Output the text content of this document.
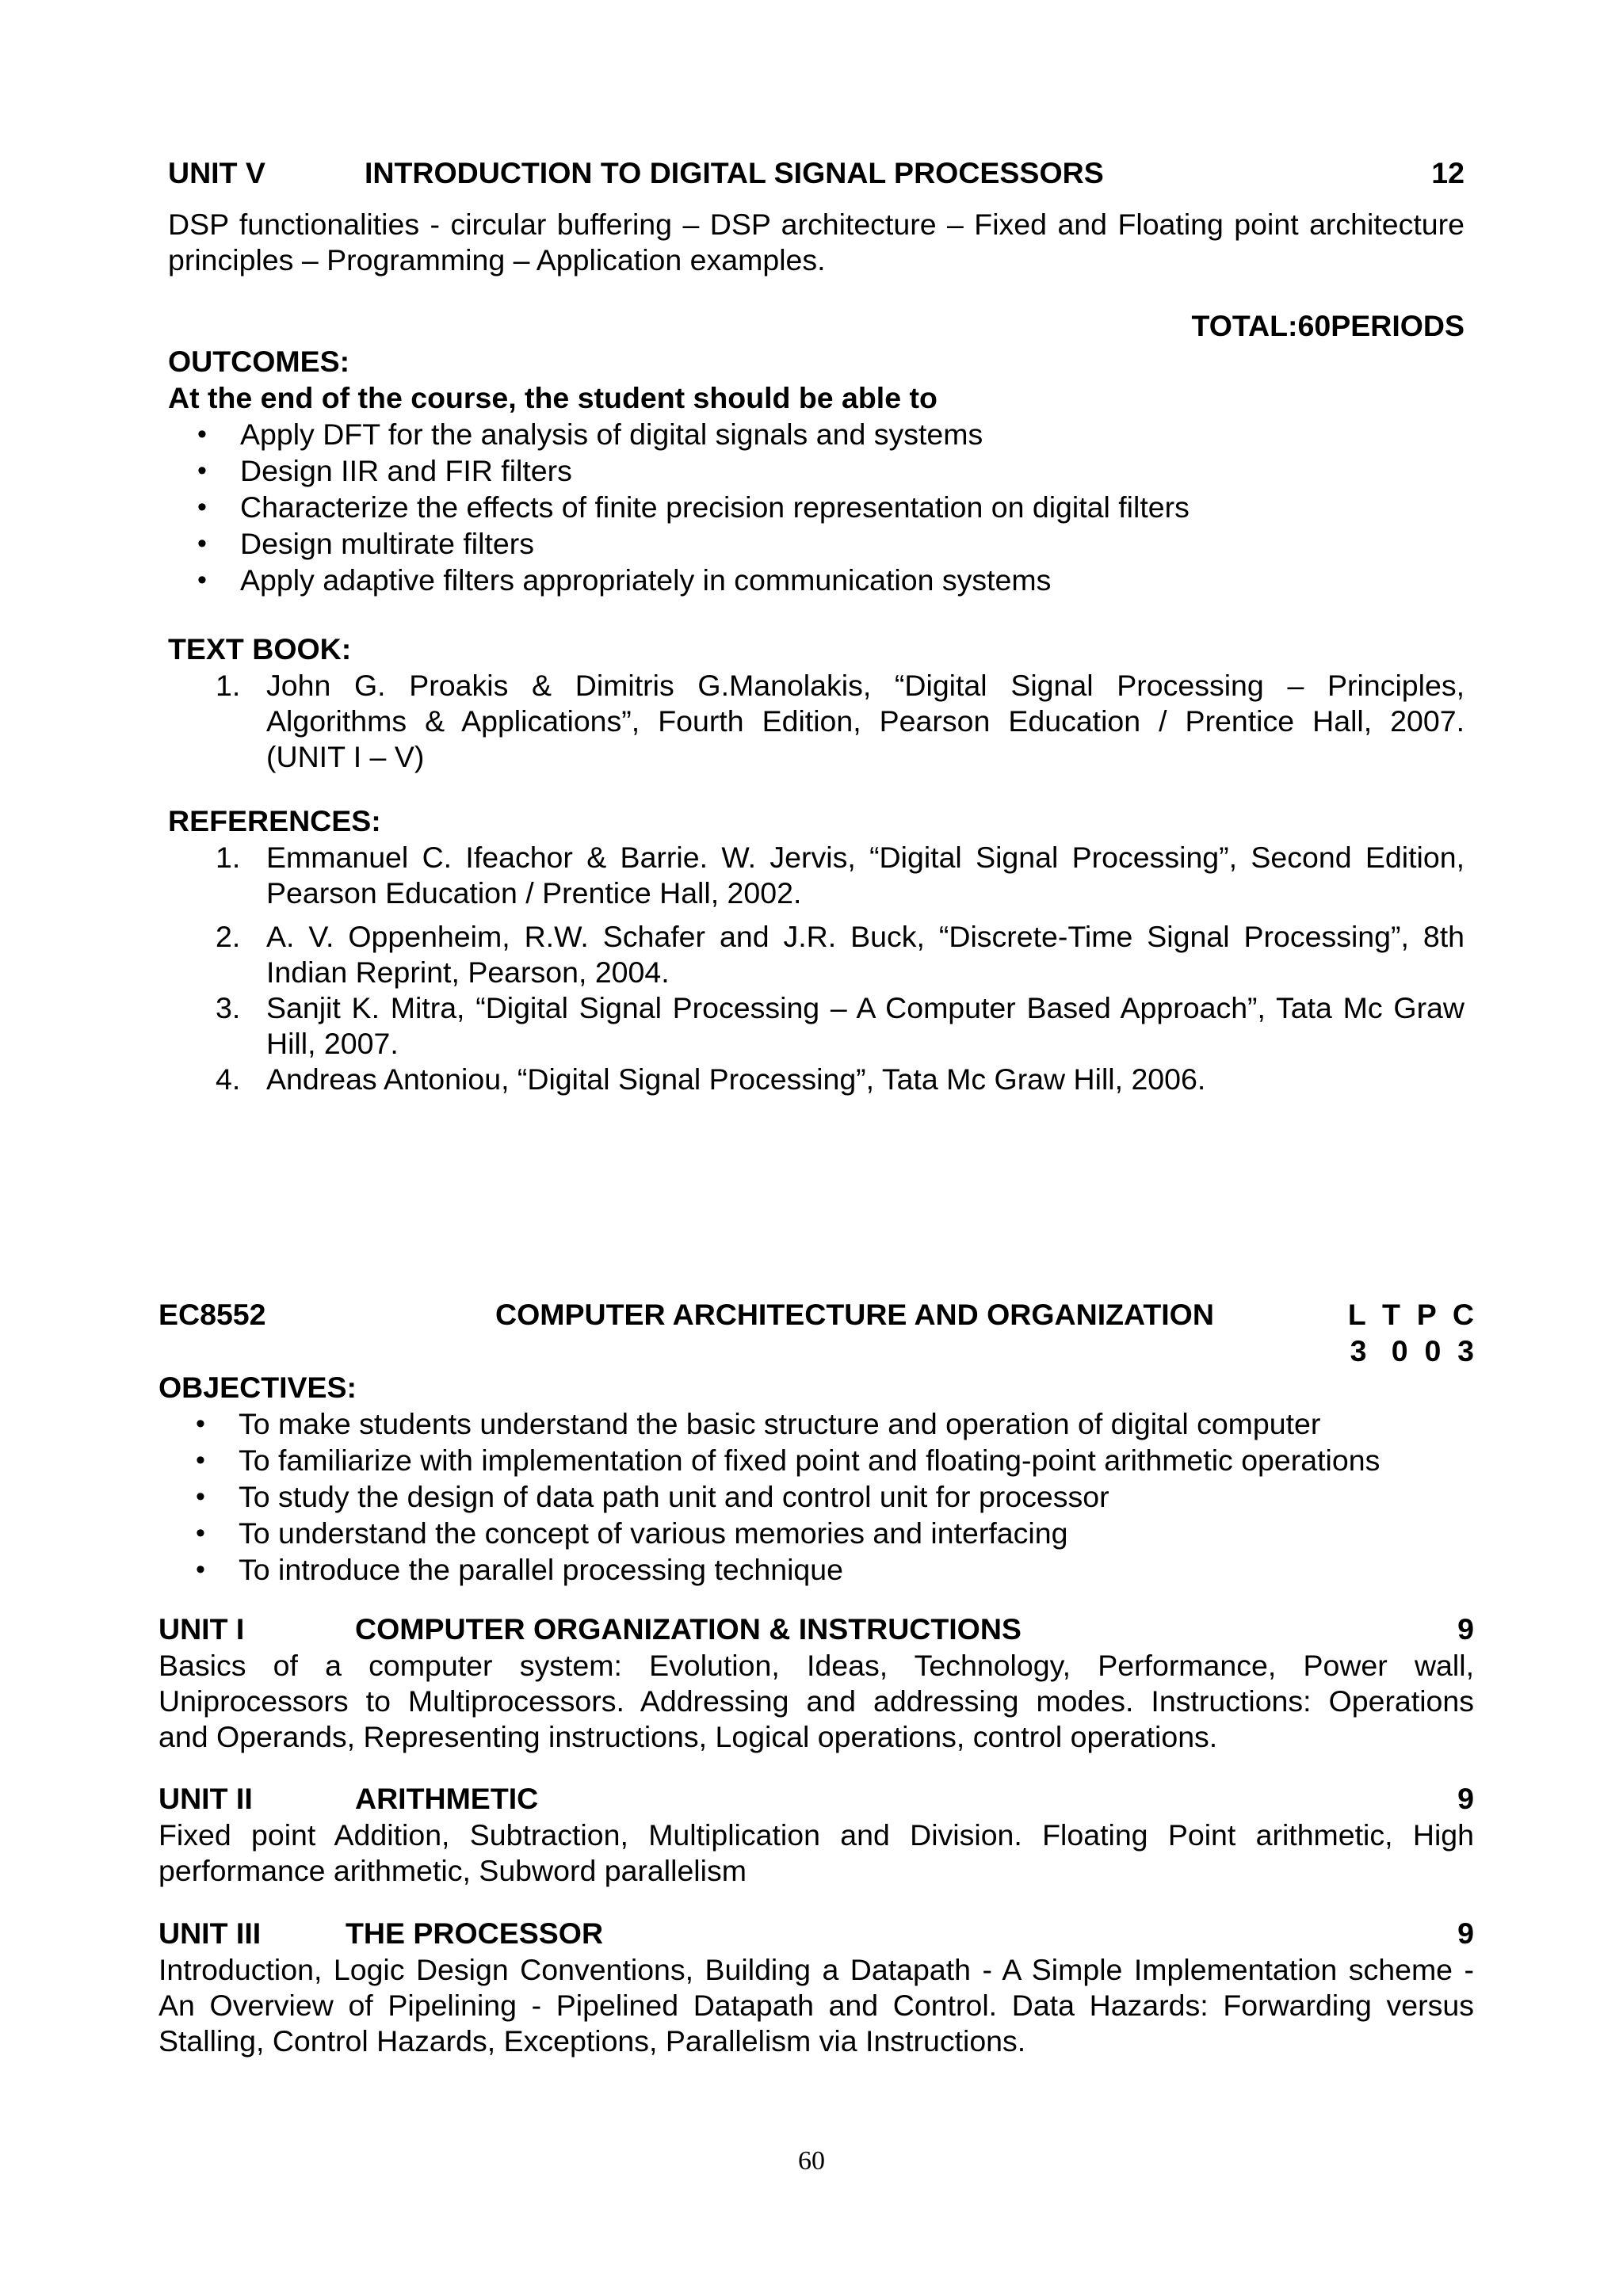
UNIT V	INTRODUCTION TO DIGITAL SIGNAL PROCESSORS	12
DSP functionalities - circular buffering – DSP architecture – Fixed and Floating point architecture
principles – Programming – Application examples.
TOTAL:60PERIODS
OUTCOMES:
At the end of the course, the student should be able to
• Apply DFT for the analysis of digital signals and systems
• Design IIR and FIR filters
• Characterize the effects of finite precision representation on digital filters
• Design multirate filters
• Apply adaptive filters appropriately in communication systems
TEXT BOOK:
1. John G. Proakis & Dimitris G.Manolakis, “Digital Signal Processing – Principles,
Algorithms & Applications”, Fourth Edition, Pearson Education / Prentice Hall, 2007.
(UNIT I – V)
REFERENCES:
1. Emmanuel C. Ifeachor & Barrie. W. Jervis, “Digital Signal Processing”, Second Edition,
Pearson Education / Prentice Hall, 2002.
2. A. V. Oppenheim, R.W. Schafer and J.R. Buck, “Discrete-Time Signal Processing”, 8th
Indian Reprint, Pearson, 2004.
3. Sanjit K. Mitra, “Digital Signal Processing – A Computer Based Approach”, Tata Mc Graw
Hill, 2007.
4. Andreas Antoniou, “Digital Signal Processing”, Tata Mc Graw Hill, 2006.
EC8552	COMPUTER ARCHITECTURE AND ORGANIZATION	L  T  P  C
3   0  0  3
OBJECTIVES:
• To make students understand the basic structure and operation of digital computer
• To familiarize with implementation of fixed point and floating-point arithmetic operations
• To study the design of data path unit and control unit for processor
• To understand the concept of various memories and interfacing
• To introduce the parallel processing technique
UNIT I	COMPUTER ORGANIZATION & INSTRUCTIONS	9
Basics of a computer system: Evolution, Ideas, Technology, Performance, Power wall,
Uniprocessors to Multiprocessors. Addressing and addressing modes. Instructions: Operations
and Operands, Representing instructions, Logical operations, control operations.
UNIT II	ARITHMETIC	9
Fixed point Addition, Subtraction, Multiplication and Division. Floating Point arithmetic, High
performance arithmetic, Subword parallelism
UNIT III	THE PROCESSOR	9
Introduction, Logic Design Conventions, Building a Datapath - A Simple Implementation scheme -
An Overview of Pipelining - Pipelined Datapath and Control. Data Hazards: Forwarding versus
Stalling, Control Hazards, Exceptions, Parallelism via Instructions.
60
